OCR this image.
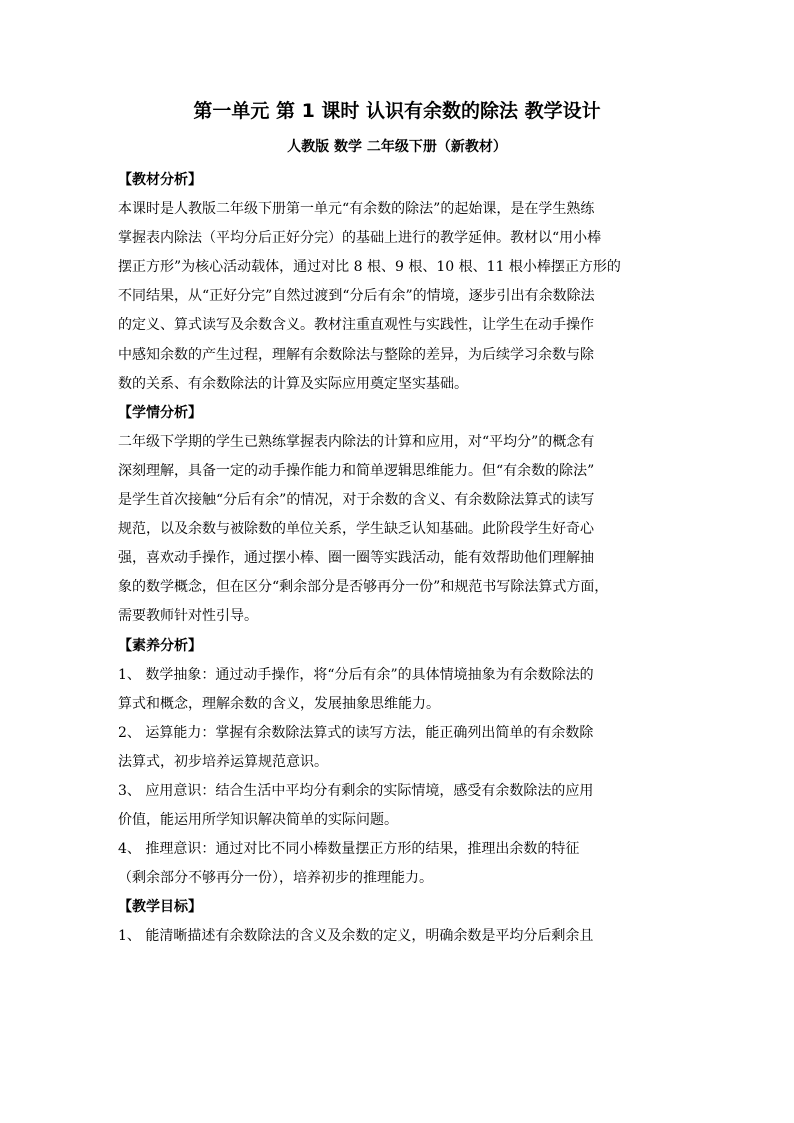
第一单元 第 1 课时 认识有余数的除法 教学设计
人教版 数学 二年级下册（新教材）
【教材分析】
本课时是人教版二年级下册第一单元“有余数的除法”的起始课，是在学生熟练
掌握表内除法（平均分后正好分完）的基础上进行的教学延伸。教材以“用小棒
摆正方形”为核心活动载体，通过对比 8 根、9 根、10 根、11 根小棒摆正方形的
不同结果，从“正好分完”自然过渡到“分后有余”的情境，逐步引出有余数除法
的定义、算式读写及余数含义。教材注重直观性与实践性，让学生在动手操作
中感知余数的产生过程，理解有余数除法与整除的差异，为后续学习余数与除
数的关系、有余数除法的计算及实际应用奠定坚实基础。
【学情分析】
二年级下学期的学生已熟练掌握表内除法的计算和应用，对“平均分”的概念有
深刻理解，具备一定的动手操作能力和简单逻辑思维能力。但“有余数的除法”
是学生首次接触“分后有余”的情况，对于余数的含义、有余数除法算式的读写
规范，以及余数与被除数的单位关系，学生缺乏认知基础。此阶段学生好奇心
强，喜欢动手操作，通过摆小棒、圈一圈等实践活动，能有效帮助他们理解抽
象的数学概念，但在区分“剩余部分是否够再分一份”和规范书写除法算式方面，
需要教师针对性引导。
【素养分析】
1、 数学抽象：通过动手操作，将“分后有余”的具体情境抽象为有余数除法的
算式和概念，理解余数的含义，发展抽象思维能力。
2、 运算能力：掌握有余数除法算式的读写方法，能正确列出简单的有余数除
法算式，初步培养运算规范意识。
3、 应用意识：结合生活中平均分有剩余的实际情境，感受有余数除法的应用
价值，能运用所学知识解决简单的实际问题。
4、 推理意识：通过对比不同小棒数量摆正方形的结果，推理出余数的特征
（剩余部分不够再分一份），培养初步的推理能力。
【教学目标】
1、 能清晰描述有余数除法的含义及余数的定义，明确余数是平均分后剩余且
